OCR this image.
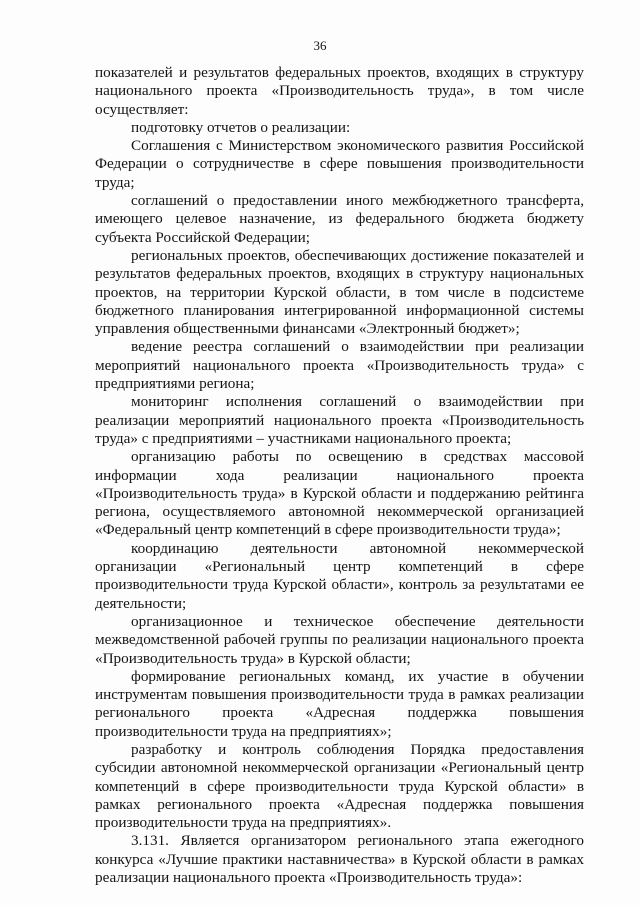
36

показателей и результатов федеральных проектов, входящих в структуру национального проекта «Производительность труда», в том числе осуществляет:

подготовку отчетов о реализации:

Соглашения с Министерством экономического развития Российской Федерации о сотрудничестве в сфере повышения производительности труда;

соглашений о предоставлении иного межбюджетного трансферта, имеющего целевое назначение, из федерального бюджета бюджету субъекта Российской Федерации;

региональных проектов, обеспечивающих достижение показателей и результатов федеральных проектов, входящих в структуру национальных проектов, на территории Курской области, в том числе в подсистеме бюджетного планирования интегрированной информационной системы управления общественными финансами «Электронный бюджет»;

ведение реестра соглашений о взаимодействии при реализации мероприятий национального проекта «Производительность труда» с предприятиями региона;

мониторинг исполнения соглашений о взаимодействии при реализации мероприятий национального проекта «Производительность труда» с предприятиями – участниками национального проекта;

организацию работы по освещению в средствах массовой информации хода реализации национального проекта «Производительность труда» в Курской области и поддержанию рейтинга региона, осуществляемого автономной некоммерческой организацией «Федеральный центр компетенций в сфере производительности труда»;

координацию деятельности автономной некоммерческой организации «Региональный центр компетенций в сфере производительности труда Курской области», контроль за результатами ее деятельности;

организационное и техническое обеспечение деятельности межведомственной рабочей группы по реализации национального проекта «Производительность труда» в Курской области;

формирование региональных команд, их участие в обучении инструментам повышения производительности труда в рамках реализации регионального проекта «Адресная поддержка повышения производительности труда на предприятиях»;

разработку и контроль соблюдения Порядка предоставления субсидии автономной некоммерческой организации «Региональный центр компетенций в сфере производительности труда Курской области» в рамках регионального проекта «Адресная поддержка повышения производительности труда на предприятиях».

3.131. Является организатором регионального этапа ежегодного конкурса «Лучшие практики наставничества» в Курской области в рамках реализации национального проекта «Производительность труда»:
